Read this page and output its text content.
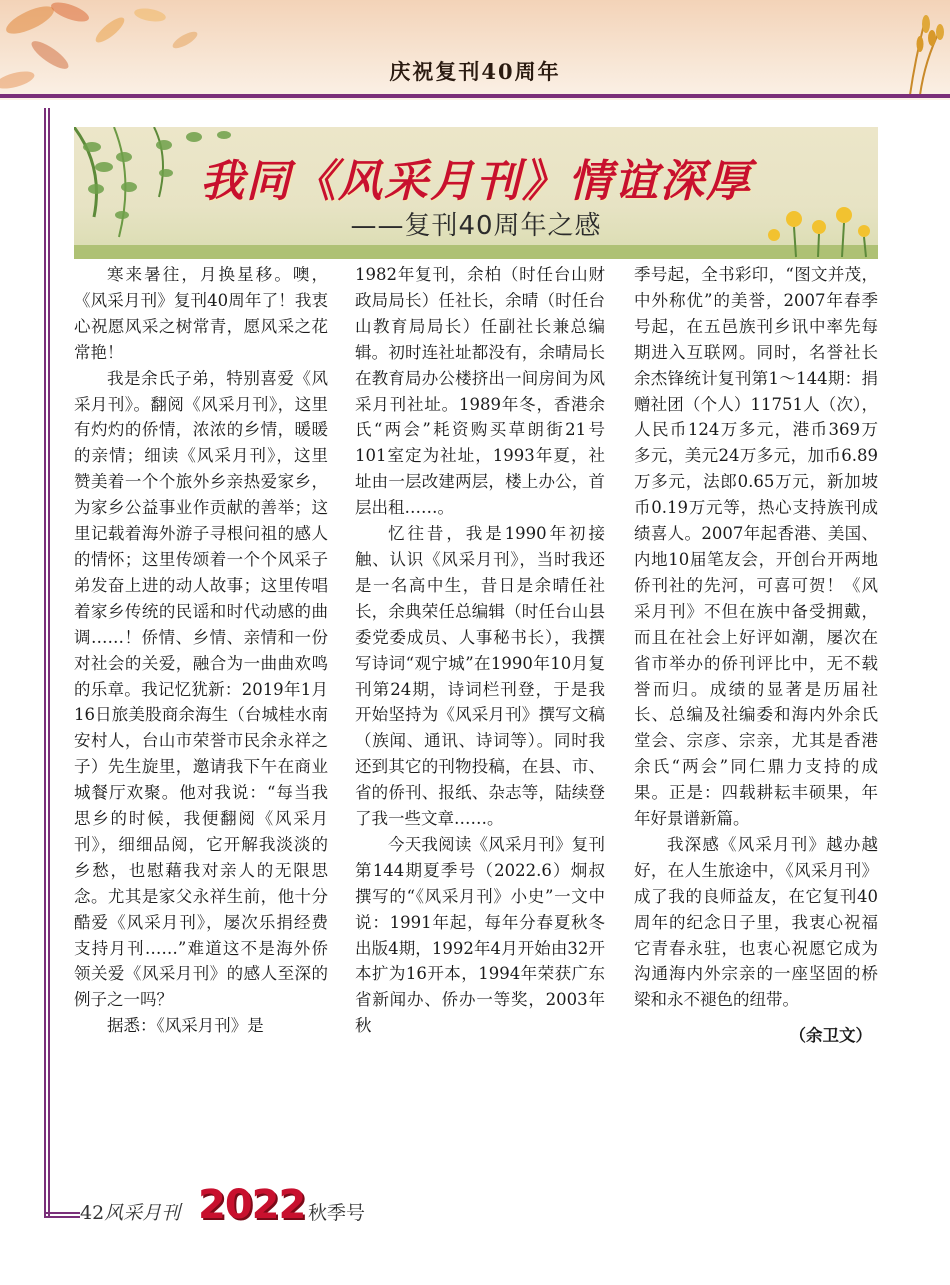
庆祝复刊40周年
我同《风采月刊》情谊深厚
——复刊40周年之感

寒来暑往，月换星移。噢，《风采月刊》复刊40周年了！我衷心祝愿风采之树常青，愿风采之花常艳！

我是余氏子弟，特别喜爱《风采月刊》。翻阅《风采月刊》，这里有灼灼的侨情，浓浓的乡情，暖暖的亲情；细读《风采月刊》，这里赞美着一个个旅外乡亲热爱家乡，为家乡公益事业作贡献的善举；这里记载着海外游子寻根问祖的感人的情怀；这里传颂着一个个风采子弟发奋上进的动人故事；这里传唱着家乡传统的民谣和时代动感的曲调……！侨情、乡情、亲情和一份对社会的关爱，融合为一曲曲欢鸣的乐章。我记忆犹新：2019年1月16日旅美股商余海生（台城桂水南安村人，台山市荣誉市民余永祥之子）先生旋里，邀请我下午在商业城餐厅欢聚。他对我说：“每当我思乡的时候，我便翻阅《风采月刊》，细细品阅，它开解我淡淡的乡愁，也慰藉我对亲人的无限思念。尤其是家父永祥生前，他十分酷爱《风采月刊》，屡次乐捐经费支持月刊……”难道这不是海外侨领关爱《风采月刊》的感人至深的例子之一吗？

据悉：《风采月刊》是

1982年复刊，余柏（时任台山财政局局长）任社长，余晴（时任台山教育局局长）任副社长兼总编辑。初时连社址都没有，余晴局长在教育局办公楼挤出一间房间为风采月刊社址。1989年冬，香港余氏“两会”耗资购买草朗街21号101室定为社址，1993年夏，社址由一层改建两层，楼上办公，首层出租……。

忆往昔，我是1990年初接触、认识《风采月刊》，当时我还是一名高中生，昔日是余晴任社长，余典荣任总编辑（时任台山县委党委成员、人事秘书长），我撰写诗词“观宁城”在1990年10月复刊第24期，诗词栏刊登，于是我开始坚持为《风采月刊》撰写文稿（族闻、通讯、诗词等）。同时我还到其它的刊物投稿，在县、市、省的侨刊、报纸、杂志等，陆续登了我一些文章……。

今天我阅读《风采月刊》复刊第144期夏季号（2022.6）炯叔撰写的“《风采月刊》小史”一文中说：1991年起，每年分春夏秋冬出版4期，1992年4月开始由32开本扩为16开本，1994年荣获广东省新闻办、侨办一等奖，2003年秋

季号起，全书彩印，“图文并茂，中外称优”的美誉，2007年春季号起，在五邑族刊乡讯中率先每期进入互联网。同时，名誉社长余杰锋统计复刊第1～144期：捐赠社团（个人）11751人（次），人民币124万多元，港币369万多元，美元24万多元，加币6.89万多元，法郎0.65万元，新加坡币0.19万元等，热心支持族刊成绩喜人。2007年起香港、美国、内地10届笔友会，开创台开两地侨刊社的先河，可喜可贺！《风采月刊》不但在族中备受拥戴，而且在社会上好评如潮，屡次在省市举办的侨刊评比中，无不载誉而归。成绩的显著是历届社长、总编及社编委和海内外余氏堂会、宗彦、宗亲，尤其是香港余氏“两会”同仁鼎力支持的成果。正是：四载耕耘丰硕果，年年好景谱新篇。

我深感《风采月刊》越办越好，在人生旅途中，《风采月刊》成了我的良师益友，在它复刊40周年的纪念日子里，我衷心祝福它青春永驻，也衷心祝愿它成为沟通海内外宗亲的一座坚固的桥梁和永不褪色的纽带。

（余卫文）

42风采月刊 2022 秋季号
